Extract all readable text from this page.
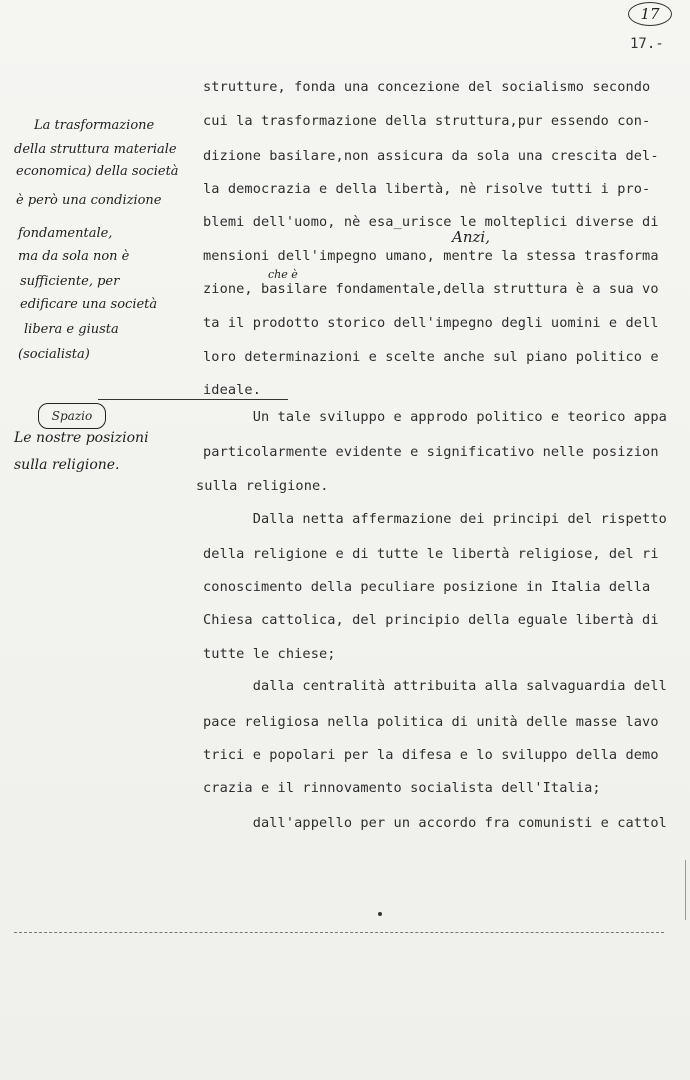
17
17.-
strutture, fonda una concezione del socialismo secondo
cui la trasformazione della struttura,pur essendo con-
dizione basilare,non assicura da sola una crescita del-
la democrazia e della libertà, nè risolve tutti i pro-
blemi dell'uomo, nè esa_urisce le molteplici diverse di
mensioni dell'impegno umano, mentre la stessa trasforma
zione, basilare fondamentale,della struttura è a sua vo
ta il prodotto storico dell'impegno degli uomini e dell
loro determinazioni e scelte anche sul piano politico e
ideale.
Un tale sviluppo e approdo politico e teorico appa
particolarmente evidente e significativo nelle posizion
sulla religione.
Dalla netta affermazione dei principi del rispetto
della religione e di tutte le libertà religiose, del ri
conoscimento della peculiare posizione in Italia della
Chiesa cattolica, del principio della eguale libertà di
tutte le chiese;
dalla centralità attribuita alla salvaguardia dell
pace religiosa nella politica di unità delle masse lavo
trici e popolari per la difesa e lo sviluppo della demo
crazia e il rinnovamento socialista dell'Italia;
dall'appello per un accordo fra comunisti e cattol
La trasformazione
della struttura materiale
economica) della società
è però una condizione
fondamentale,
ma da sola non è
sufficiente, per
edificare una società
libera e giusta
(socialista)
Spazio
Le nostre posizioni
sulla religione.
Anzi,
che è
